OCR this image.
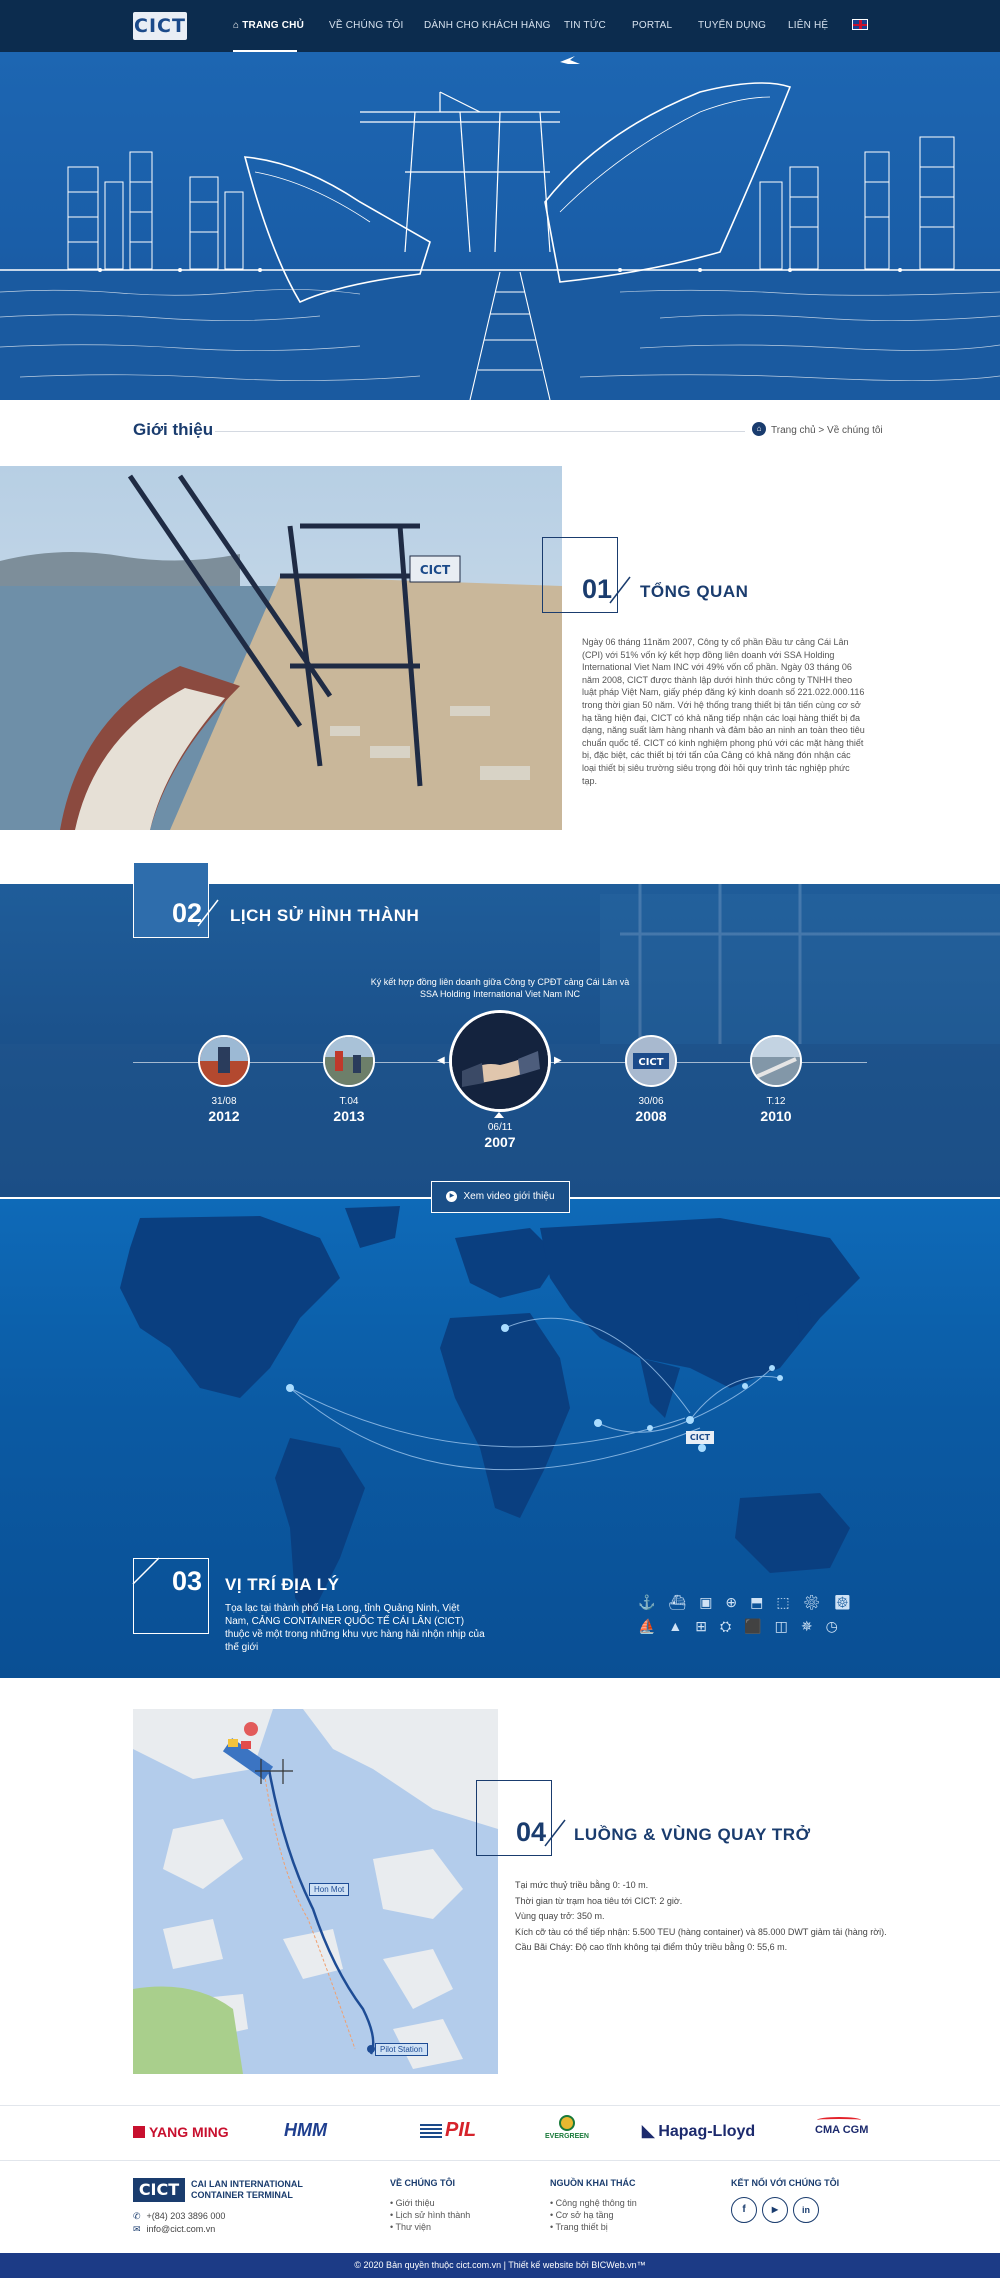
CICT	⌂ TRANG CHỦ VỀ CHÚNG TÔI DÀNH CHO KHÁCH HÀNG TIN TỨC	PORTAL	TUYỂN DỤNG LIÊN HỆ
Giới thiệu	⌂ Trang chủ > Về chúng tôi
CICT
01 TỔNG QUAN
Ngày 06 tháng 11năm 2007, Công ty cổ phần Đầu tư cảng Cái Lân (CPI) với 51% vốn ký kết hợp đồng liên doanh với SSA Holding International Viet Nam INC với 49% vốn cổ phần. Ngày 03 tháng 06 năm 2008, CICT được thành lập dưới hình thức công ty TNHH theo luật pháp Việt Nam, giấy phép đăng ký kinh doanh số 221.022.000.116 trong thời gian 50 năm. Với hệ thống trang thiết bị tân tiến cùng cơ sở hạ tầng hiện đại, CICT có khả năng tiếp nhận các loại hàng thiết bị đa dạng, năng suất làm hàng nhanh và đảm bảo an ninh an toàn theo tiêu chuẩn quốc tế. CICT có kinh nghiệm phong phú với các mặt hàng thiết bị, đặc biệt, các thiết bị tới tấn của Cảng có khả năng đón nhận các loại thiết bị siêu trường siêu trọng đòi hỏi quy trình tác nghiệp phức tạp.
02 LỊCH SỬ HÌNH THÀNH
Ký kết hợp đồng liên doanh giữa Công ty CPĐT cảng Cái Lân và SSA Holding International Viet Nam INC
31/08
2012
T.04
2013
◀	▶
06/11
2007
CICT
30/06
2008
T.12
2010
CICT
03 VỊ TRÍ ĐỊA LÝ
Tọa lạc tại thành phố Hạ Long, tỉnh Quảng Ninh, Việt Nam, CẢNG CONTAINER QUỐC TẾ CÁI LÂN (CICT) thuộc về một trong những khu vực hàng hải nhộn nhịp của thế giới
⚓⛴▣⊕⬒⬚⚙☸
⛵▲⊞⛭⬛◫✵◷
▶ Xem video giới thiệu
Hon Mot
Pilot Station
04 LUỒNG & VÙNG QUAY TRỞ
Tại mức thuỷ triều bằng 0: -10 m.
Thời gian từ trạm hoa tiêu tới CICT: 2 giờ.
Vùng quay trở: 350 m.
Kích cỡ tàu có thể tiếp nhận: 5.500 TEU (hàng container) và 85.000 DWT giảm tải (hàng rời).
Cầu Bãi Cháy: Độ cao tĩnh không tại điểm thủy triều bằng 0: 55,6 m.
YANG MING	HMM	PIL	EVERGREEN	◣ Hapag-Lloyd	CMA CGM
CICT	CAI LAN INTERNATIONAL
CONTAINER TERMINAL
✆ +(84) 203 3896 000
✉ info@cict.com.vn
VỀ CHÚNG TÔI
• Giới thiệu
• Lịch sử hình thành
• Thư viện
NGUỒN KHAI THÁC
• Công nghệ thông tin
• Cơ sở hạ tầng
• Trang thiết bị
KẾT NỐI VỚI CHÚNG TÔI
f	▶	in
© 2020 Bản quyền thuộc cict.com.vn | Thiết kế website bởi BICWeb.vn™
